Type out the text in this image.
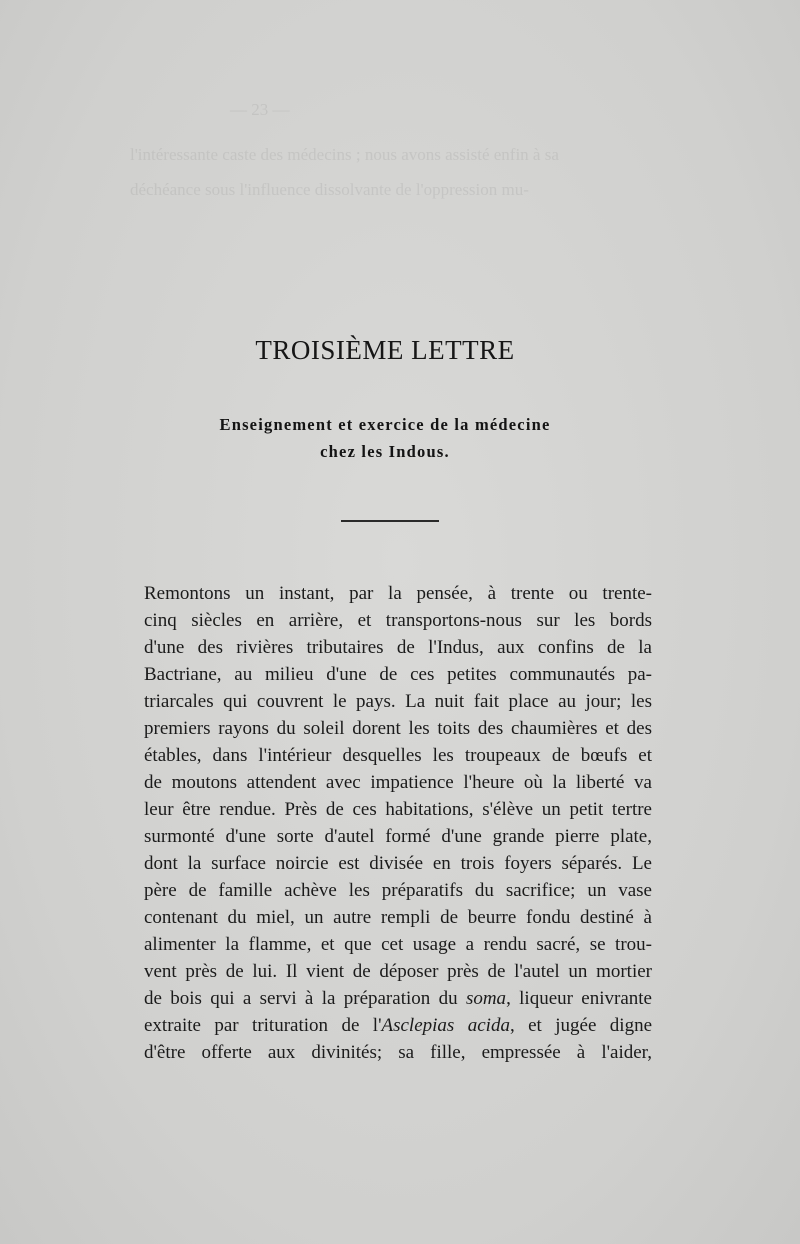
— 23 —
l'intéressante caste des médecins ; nous avons assisté enfin à sa
déchéance sous l'influence dissolvante de l'oppression mu-
TROISIÈME LETTRE
Enseignement et exercice de la médecine
chez les Indous.
Remontons un instant, par la pensée, à trente ou trente-
cinq siècles en arrière, et transportons-nous sur les bords
d'une des rivières tributaires de l'Indus, aux confins de la
Bactriane, au milieu d'une de ces petites communautés pa-
triarcales qui couvrent le pays. La nuit fait place au jour; les
premiers rayons du soleil dorent les toits des chaumières et des
étables, dans l'intérieur desquelles les troupeaux de bœufs et
de moutons attendent avec impatience l'heure où la liberté va
leur être rendue. Près de ces habitations, s'élève un petit tertre
surmonté d'une sorte d'autel formé d'une grande pierre plate,
dont la surface noircie est divisée en trois foyers séparés. Le
père de famille achève les préparatifs du sacrifice; un vase
contenant du miel, un autre rempli de beurre fondu destiné à
alimenter la flamme, et que cet usage a rendu sacré, se trou-
vent près de lui. Il vient de déposer près de l'autel un mortier
de bois qui a servi à la préparation du soma, liqueur enivrante
extraite par trituration de l'Asclepias acida, et jugée digne
d'être offerte aux divinités; sa fille, empressée à l'aider,
